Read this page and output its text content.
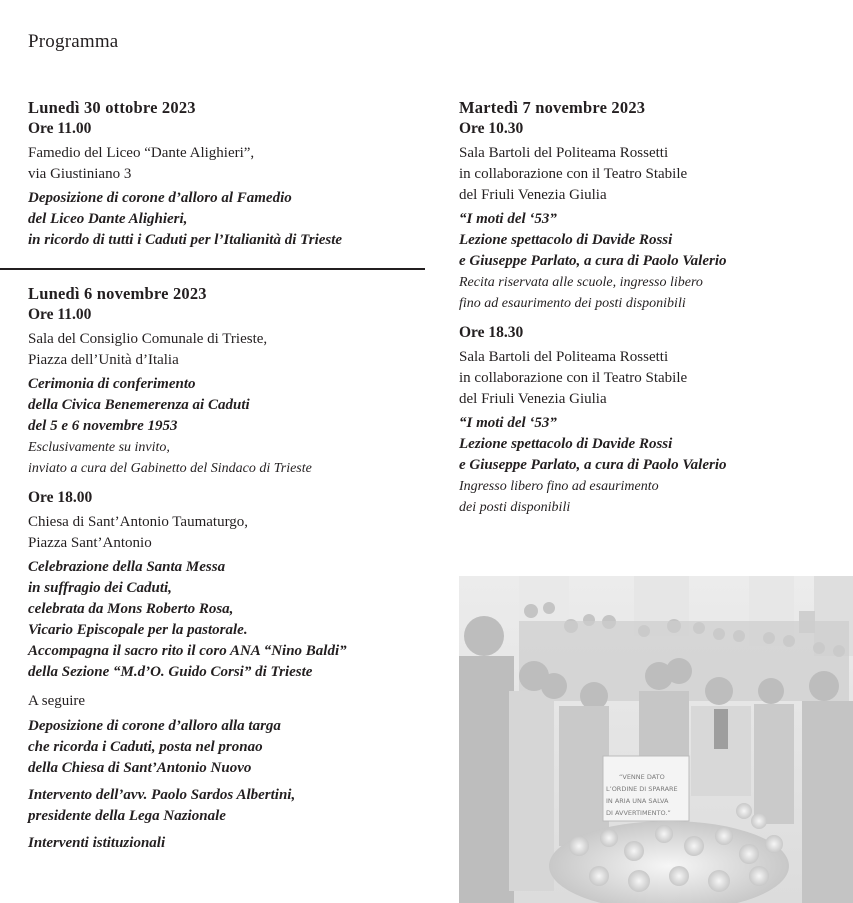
Programma
Lunedì 30 ottobre 2023
Ore 11.00
Famedio del Liceo “Dante Alighieri”,
via Giustiniano 3
Deposizione di corone d’alloro al Famedio
del Liceo Dante Alighieri,
in ricordo di tutti i Caduti per l’Italianità di Trieste
Lunedì 6 novembre 2023
Ore 11.00
Sala del Consiglio Comunale di Trieste,
Piazza dell’Unità d’Italia
Cerimonia di conferimento
della Civica Benemerenza ai Caduti
del 5 e 6 novembre 1953
Esclusivamente su invito,
inviato a cura del Gabinetto del Sindaco di Trieste
Ore 18.00
Chiesa di Sant’Antonio Taumaturgo,
Piazza Sant’Antonio
Celebrazione della Santa Messa
in suffragio dei Caduti,
celebrata da Mons Roberto Rosa,
Vicario Episcopale per la pastorale.
Accompagna il sacro rito il coro ANA “Nino Baldi”
della Sezione “M.d’O. Guido Corsi” di Trieste
A seguire
Deposizione di corone d’alloro alla targa
che ricorda i Caduti, posta nel pronao
della Chiesa di Sant’Antonio Nuovo
Intervento dell’avv. Paolo Sardos Albertini,
presidente della Lega Nazionale
Interventi istituzionali
Martedì 7 novembre 2023
Ore 10.30
Sala Bartoli del Politeama Rossetti
in collaborazione con il Teatro Stabile
del Friuli Venezia Giulia
“I moti del ‘53”
Lezione spettacolo di Davide Rossi
e Giuseppe Parlato, a cura di Paolo Valerio
Recita riservata alle scuole, ingresso libero
fino ad esaurimento dei posti disponibili
Ore 18.30
Sala Bartoli del Politeama Rossetti
in collaborazione con il Teatro Stabile
del Friuli Venezia Giulia
“I moti del ‘53”
Lezione spettacolo di Davide Rossi
e Giuseppe Parlato, a cura di Paolo Valerio
Ingresso libero fino ad esaurimento
dei posti disponibili
“VENNE DATO
L’ORDINE DI SPARARE
IN ARIA UNA SALVA
DI AVVERTIMENTO.”
